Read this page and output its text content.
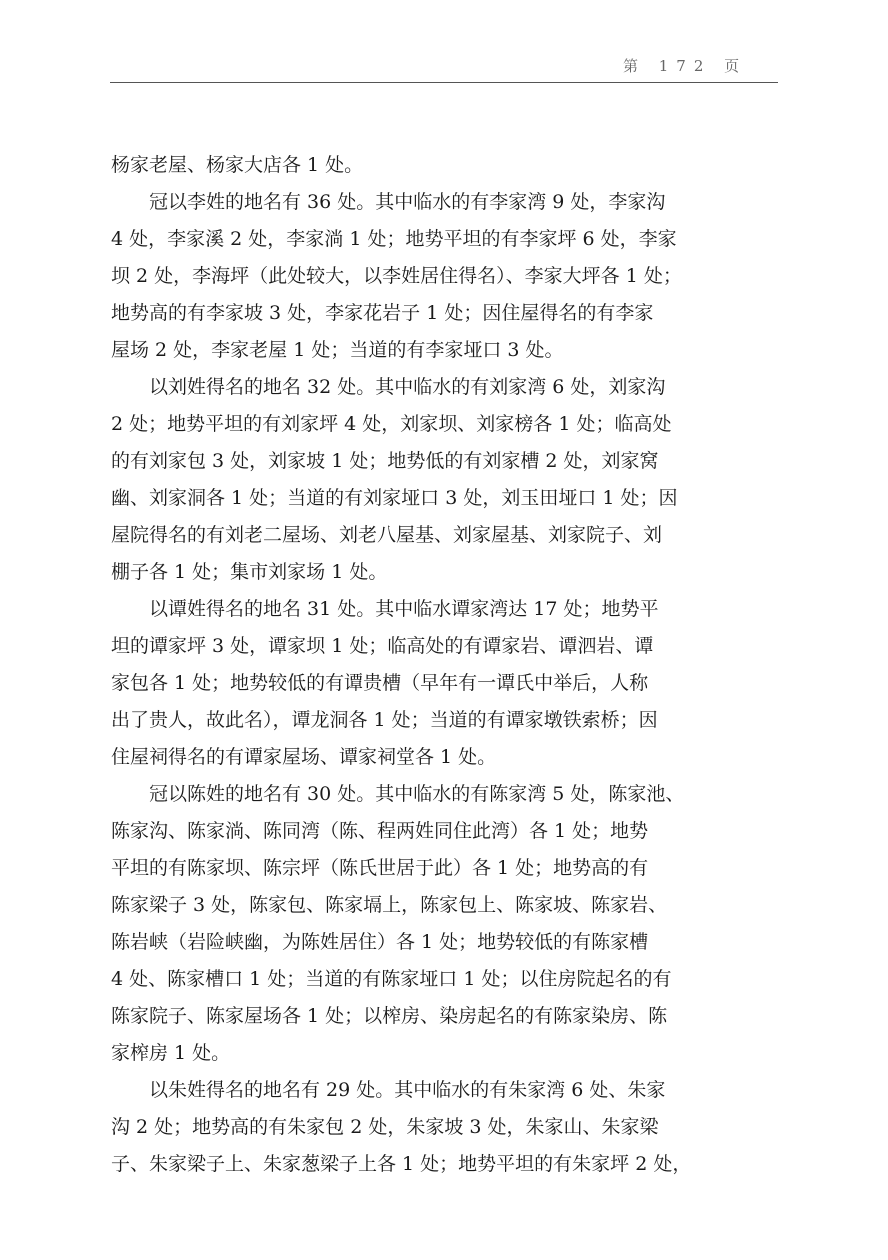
第 172 页
杨家老屋、杨家大店各 1 处。
冠以李姓的地名有 36 处。其中临水的有李家湾 9 处，李家沟
4 处，李家溪 2 处，李家淌 1 处；地势平坦的有李家坪 6 处，李家
坝 2 处，李海坪（此处较大，以李姓居住得名）、李家大坪各 1 处；
地势高的有李家坡 3 处，李家花岩子 1 处；因住屋得名的有李家
屋场 2 处，李家老屋 1 处；当道的有李家垭口 3 处。
以刘姓得名的地名 32 处。其中临水的有刘家湾 6 处，刘家沟
2 处；地势平坦的有刘家坪 4 处，刘家坝、刘家榜各 1 处；临高处
的有刘家包 3 处，刘家坡 1 处；地势低的有刘家槽 2 处，刘家窝
幽、刘家洞各 1 处；当道的有刘家垭口 3 处，刘玉田垭口 1 处；因
屋院得名的有刘老二屋场、刘老八屋基、刘家屋基、刘家院子、刘
棚子各 1 处；集市刘家场 1 处。
以谭姓得名的地名 31 处。其中临水谭家湾达 17 处；地势平
坦的谭家坪 3 处，谭家坝 1 处；临高处的有谭家岩、谭泗岩、谭
家包各 1 处；地势较低的有谭贵槽（早年有一谭氏中举后，人称
出了贵人，故此名），谭龙洞各 1 处；当道的有谭家墩铁索桥；因
住屋祠得名的有谭家屋场、谭家祠堂各 1 处。
冠以陈姓的地名有 30 处。其中临水的有陈家湾 5 处，陈家池、
陈家沟、陈家淌、陈同湾（陈、程两姓同住此湾）各 1 处；地势
平坦的有陈家坝、陈宗坪（陈氏世居于此）各 1 处；地势高的有
陈家梁子 3 处，陈家包、陈家塥上，陈家包上、陈家坡、陈家岩、
陈岩峡（岩险峡幽，为陈姓居住）各 1 处；地势较低的有陈家槽
4 处、陈家槽口 1 处；当道的有陈家垭口 1 处；以住房院起名的有
陈家院子、陈家屋场各 1 处；以榨房、染房起名的有陈家染房、陈
家榨房 1 处。
以朱姓得名的地名有 29 处。其中临水的有朱家湾 6 处、朱家
沟 2 处；地势高的有朱家包 2 处，朱家坡 3 处，朱家山、朱家梁
子、朱家梁子上、朱家葱梁子上各 1 处；地势平坦的有朱家坪 2 处，
